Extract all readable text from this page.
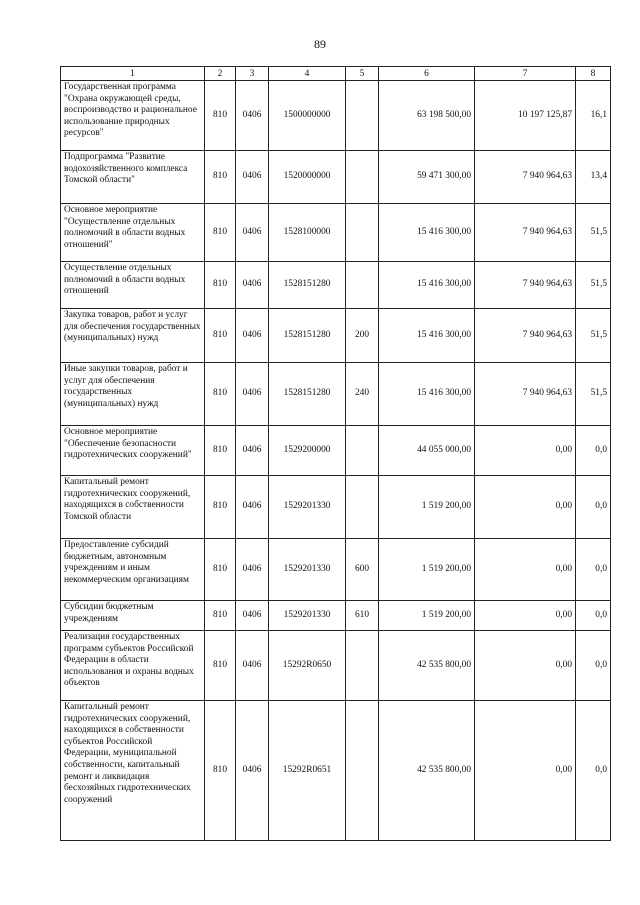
89
1	2	3	4	5	6	7	8
Государственная программа "Охрана окружающей среды, воспроизводство и рациональное использование природных ресурсов"	810	0406	1500000000		63 198 500,00	10 197 125,87	16,1
Подпрограмма "Развитие водохозяйственного комплекса Томской области"	810	0406	1520000000		59 471 300,00	7 940 964,63	13,4
Основное мероприятие "Осуществление отдельных полномочий в области водных отношений"	810	0406	1528100000		15 416 300,00	7 940 964,63	51,5
Осуществление отдельных полномочий в области водных отношений	810	0406	1528151280		15 416 300,00	7 940 964,63	51,5
Закупка товаров, работ и услуг для обеспечения государственных (муниципальных) нужд	810	0406	1528151280	200	15 416 300,00	7 940 964,63	51,5
Иные закупки товаров, работ и услуг для обеспечения государственных (муниципальных) нужд	810	0406	1528151280	240	15 416 300,00	7 940 964,63	51,5
Основное мероприятие "Обеспечение безопасности гидротехнических сооружений"	810	0406	1529200000		44 055 000,00	0,00	0,0
Капитальный ремонт гидротехнических сооружений, находящихся в собственности Томской области	810	0406	1529201330		1 519 200,00	0,00	0,0
Предоставление субсидий бюджетным, автономным учреждениям и иным некоммерческим организациям	810	0406	1529201330	600	1 519 200,00	0,00	0,0
Субсидии бюджетным учреждениям	810	0406	1529201330	610	1 519 200,00	0,00	0,0
Реализация государственных программ субъектов Российской Федерации в области использования и охраны водных объектов	810	0406	15292R0650		42 535 800,00	0,00	0,0
Капитальный ремонт гидротехнических сооружений, находящихся в собственности субъектов Российской Федерации, муниципальной собственности, капитальный ремонт и ликвидация бесхозяйных гидротехнических сооружений	810	0406	15292R0651		42 535 800,00	0,00	0,0
